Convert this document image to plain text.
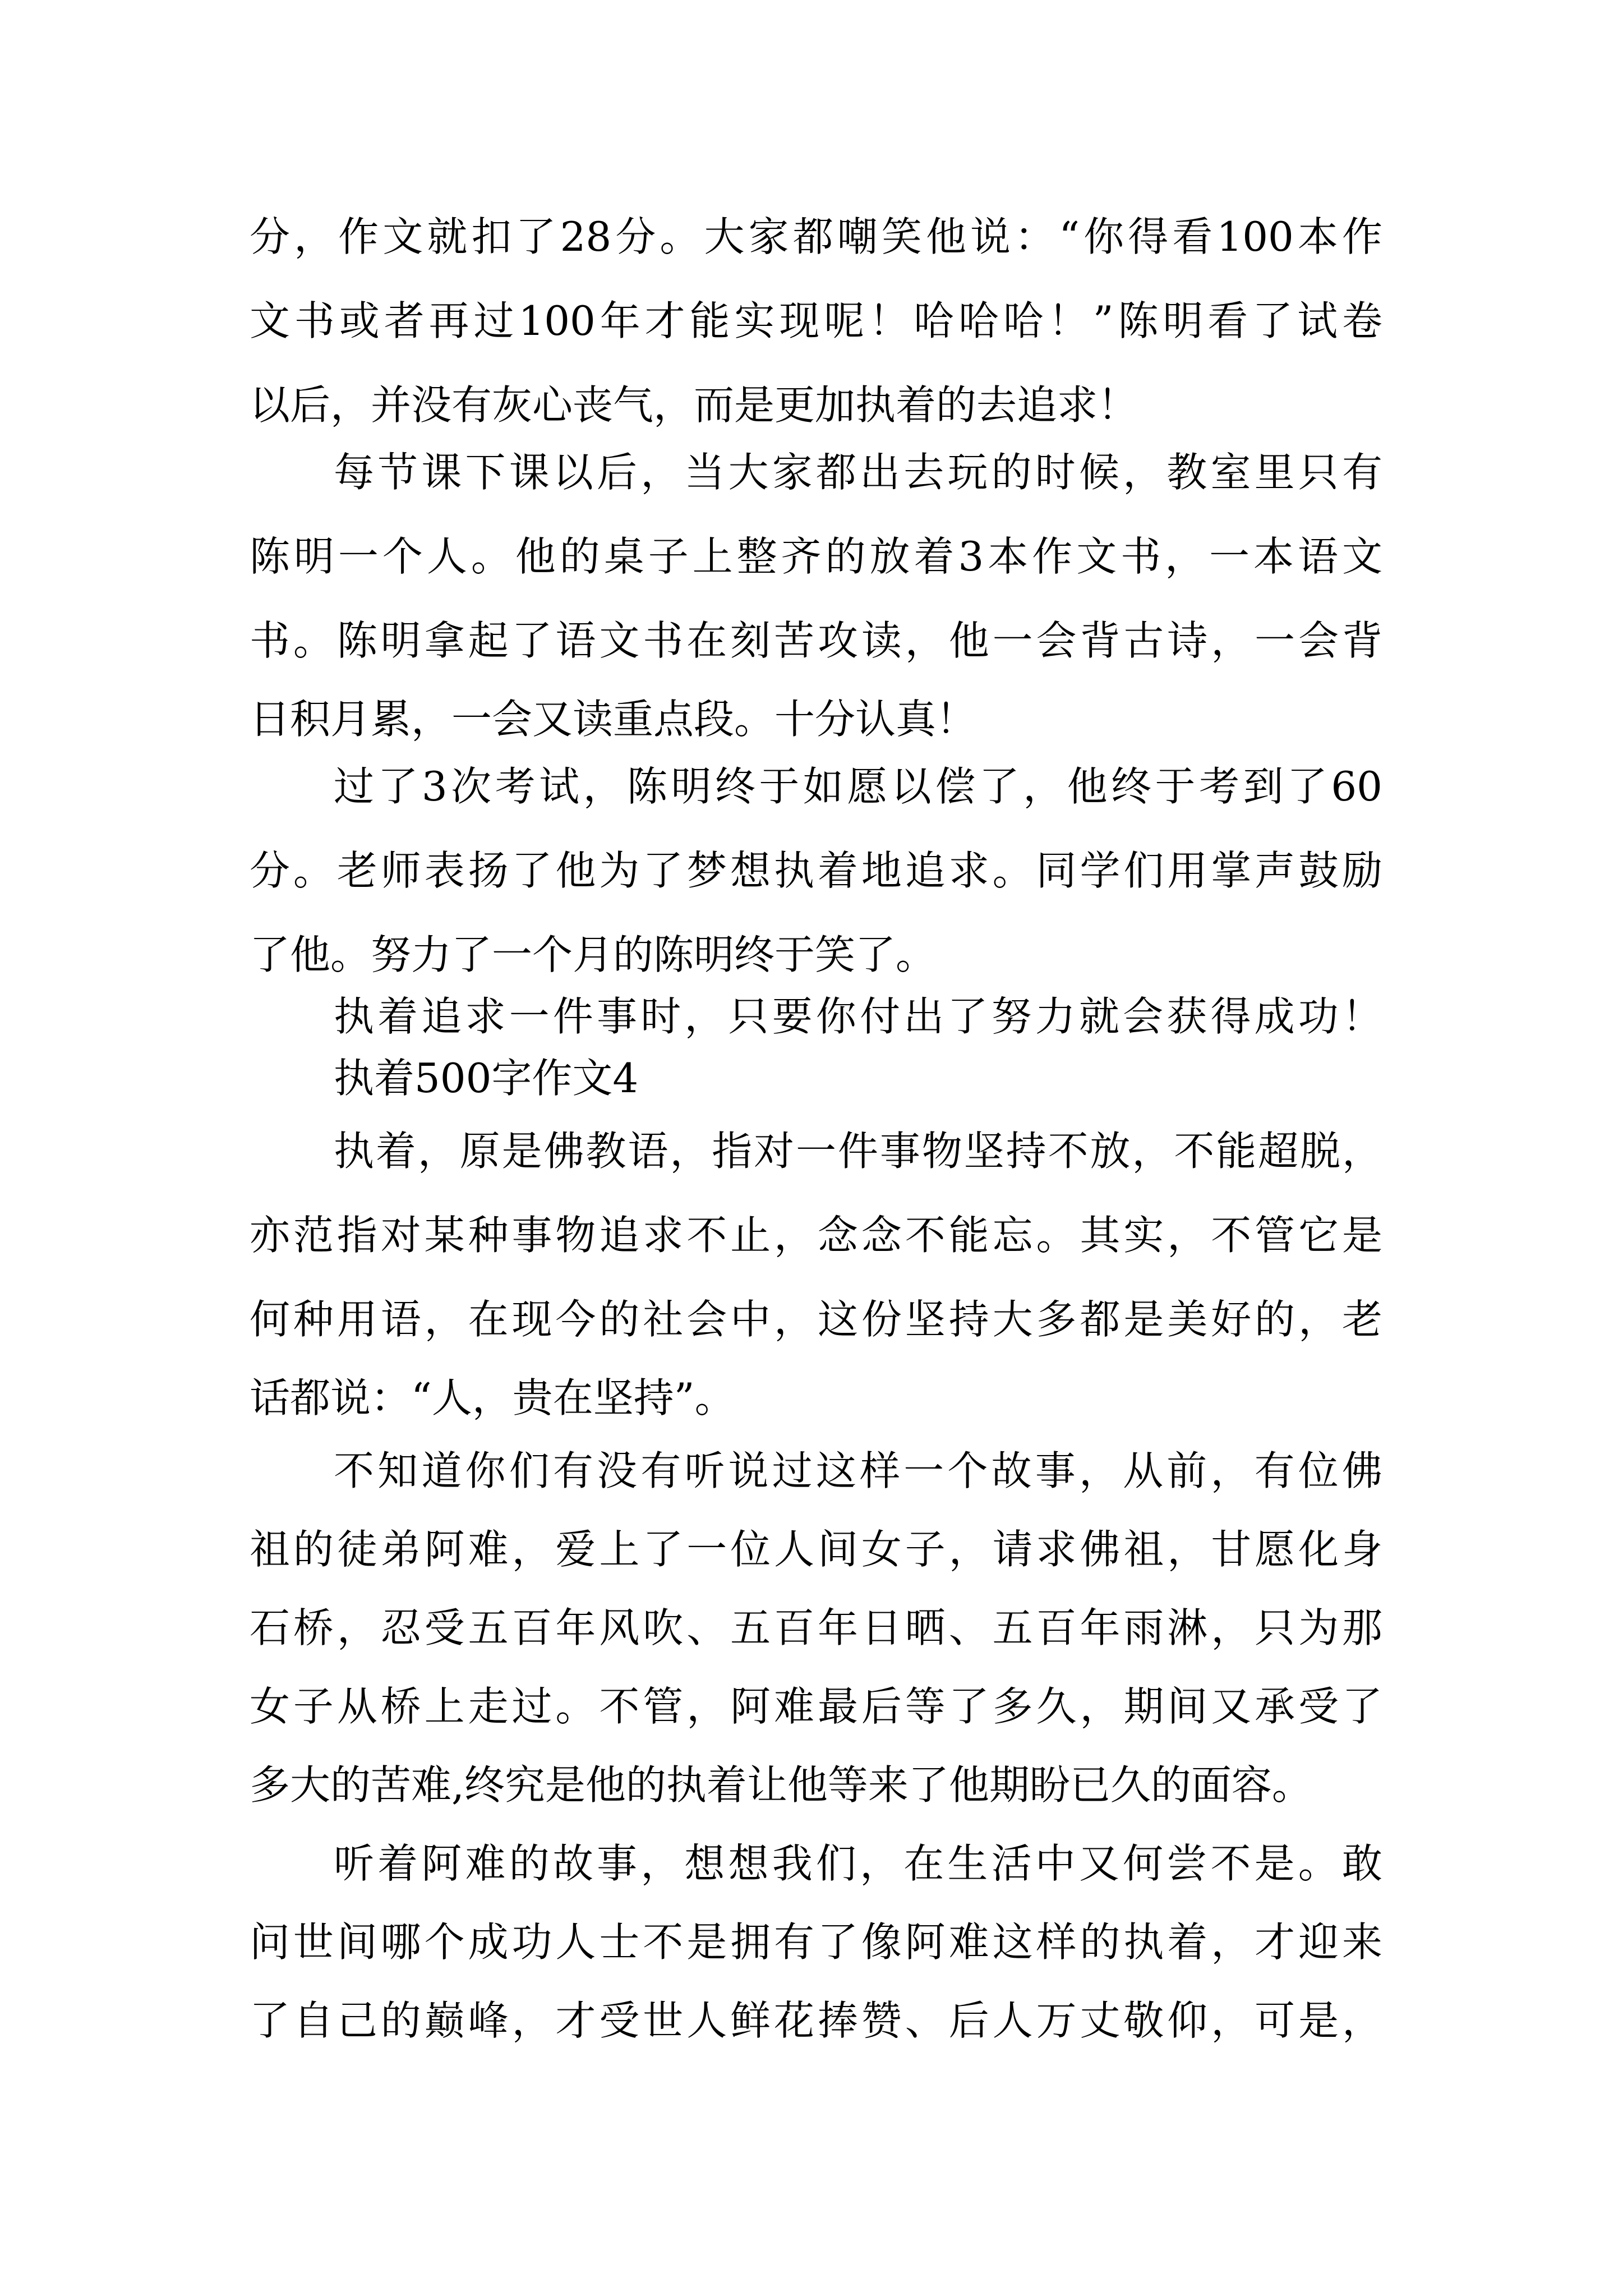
分，作文就扣了28分。大家都嘲笑他说：“你得看100本作
文书或者再过100年才能实现呢！哈哈哈！”陈明看了试卷
以后，并没有灰心丧气，而是更加执着的去追求！
每节课下课以后，当大家都出去玩的时候，教室里只有
陈明一个人。他的桌子上整齐的放着3本作文书，一本语文
书。陈明拿起了语文书在刻苦攻读，他一会背古诗，一会背
日积月累，一会又读重点段。十分认真！
过了3次考试，陈明终于如愿以偿了，他终于考到了60
分。老师表扬了他为了梦想执着地追求。同学们用掌声鼓励
了他。努力了一个月的陈明终于笑了。
执着追求一件事时，只要你付出了努力就会获得成功！
执着500字作文4
执着，原是佛教语，指对一件事物坚持不放，不能超脱，
亦范指对某种事物追求不止，念念不能忘。其实，不管它是
何种用语，在现今的社会中，这份坚持大多都是美好的，老
话都说：“人，贵在坚持”。
不知道你们有没有听说过这样一个故事，从前，有位佛
祖的徒弟阿难，爱上了一位人间女子，请求佛祖，甘愿化身
石桥，忍受五百年风吹、五百年日晒、五百年雨淋，只为那
女子从桥上走过。不管，阿难最后等了多久，期间又承受了
多大的苦难,终究是他的执着让他等来了他期盼已久的面容。
听着阿难的故事，想想我们，在生活中又何尝不是。敢
问世间哪个成功人士不是拥有了像阿难这样的执着，才迎来
了自己的巅峰，才受世人鲜花捧赞、后人万丈敬仰，可是，
